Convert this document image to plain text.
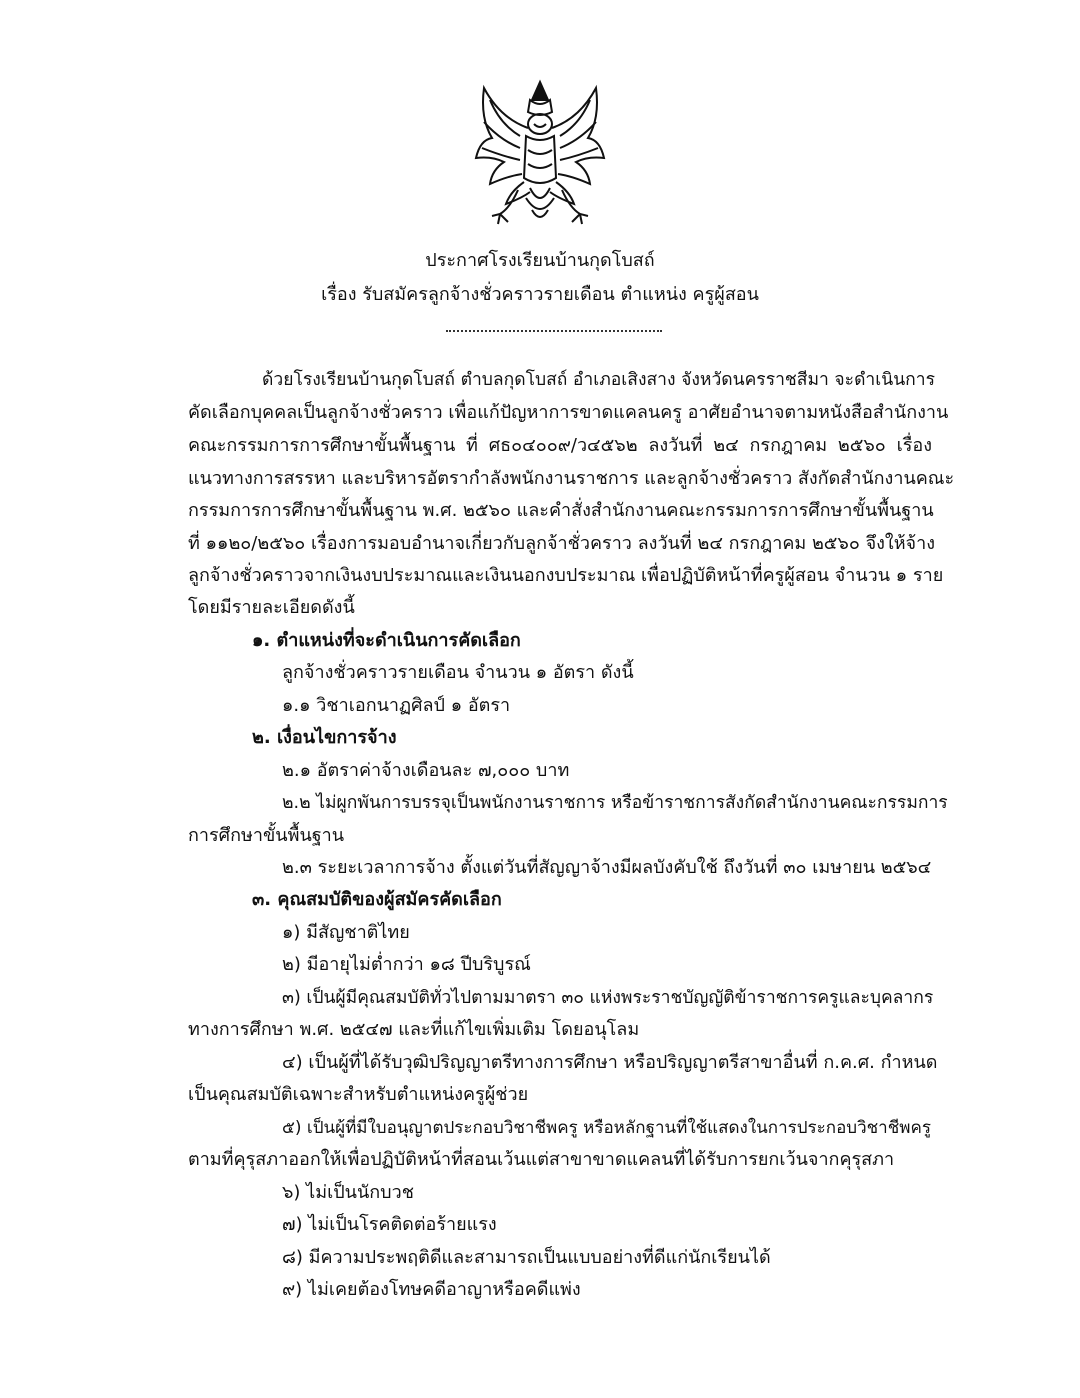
ประกาศโรงเรียนบ้านกุดโบสถ์
เรื่อง รับสมัครลูกจ้างชั่วคราวรายเดือน ตำแหน่ง ครูผู้สอน
ด้วยโรงเรียนบ้านกุดโบสถ์ ตำบลกุดโบสถ์ อำเภอเสิงสาง จังหวัดนครราชสีมา จะดำเนินการ
คัดเลือกบุคคลเป็นลูกจ้างชั่วคราว เพื่อแก้ปัญหาการขาดแคลนครู อาศัยอำนาจตามหนังสือสำนักงาน
คณะกรรมการการศึกษาขั้นพื้นฐาน ที่ ศธ๐๔๐๐๙/ว๔๕๖๒ ลงวันที่ ๒๔ กรกฎาคม ๒๕๖๐ เรื่อง
แนวทางการสรรหา และบริหารอัตรากำลังพนักงานราชการ และลูกจ้างชั่วคราว สังกัดสำนักงานคณะ
กรรมการการศึกษาขั้นพื้นฐาน พ.ศ. ๒๕๖๐ และคำสั่งสำนักงานคณะกรรมการการศึกษาขั้นพื้นฐาน
ที่ ๑๑๒๐/๒๕๖๐ เรื่องการมอบอำนาจเกี่ยวกับลูกจ้าชั่วคราว ลงวันที่ ๒๔ กรกฎาคม ๒๕๖๐ จึงให้จ้าง
ลูกจ้างชั่วคราวจากเงินงบประมาณและเงินนอกงบประมาณ เพื่อปฏิบัติหน้าที่ครูผู้สอน จำนวน ๑ ราย
โดยมีรายละเอียดดังนี้
๑. ตำแหน่งที่จะดำเนินการคัดเลือก
ลูกจ้างชั่วคราวรายเดือน จำนวน ๑ อัตรา ดังนี้
๑.๑ วิชาเอกนาฏศิลป์ ๑ อัตรา
๒. เงื่อนไขการจ้าง
๒.๑ อัตราค่าจ้างเดือนละ ๗,๐๐๐ บาท
๒.๒ ไม่ผูกพันการบรรจุเป็นพนักงานราชการ หรือข้าราชการสังกัดสำนักงานคณะกรรมการ
การศึกษาขั้นพื้นฐาน
๒.๓ ระยะเวลาการจ้าง ตั้งแต่วันที่สัญญาจ้างมีผลบังคับใช้ ถึงวันที่ ๓๐ เมษายน ๒๕๖๔
๓. คุณสมบัติของผู้สมัครคัดเลือก
๑) มีสัญชาติไทย
๒) มีอายุไม่ต่ำกว่า ๑๘ ปีบริบูรณ์
๓) เป็นผู้มีคุณสมบัติทั่วไปตามมาตรา ๓๐ แห่งพระราชบัญญัติข้าราชการครูและบุคลากร
ทางการศึกษา พ.ศ. ๒๕๔๗ และที่แก้ไขเพิ่มเติม โดยอนุโลม
๔) เป็นผู้ที่ได้รับวุฒิปริญญาตรีทางการศึกษา หรือปริญญาตรีสาขาอื่นที่ ก.ค.ศ. กำหนด
เป็นคุณสมบัติเฉพาะสำหรับตำแหน่งครูผู้ช่วย
๕) เป็นผู้ที่มีใบอนุญาตประกอบวิชาชีพครู หรือหลักฐานที่ใช้แสดงในการประกอบวิชาชีพครู
ตามที่คุรุสภาออกให้เพื่อปฏิบัติหน้าที่สอนเว้นแต่สาขาขาดแคลนที่ได้รับการยกเว้นจากคุรุสภา
๖) ไม่เป็นนักบวช
๗) ไม่เป็นโรคติดต่อร้ายแรง
๘) มีความประพฤติดีและสามารถเป็นแบบอย่างที่ดีแก่นักเรียนได้
๙) ไม่เคยต้องโทษคดีอาญาหรือคดีแพ่ง
